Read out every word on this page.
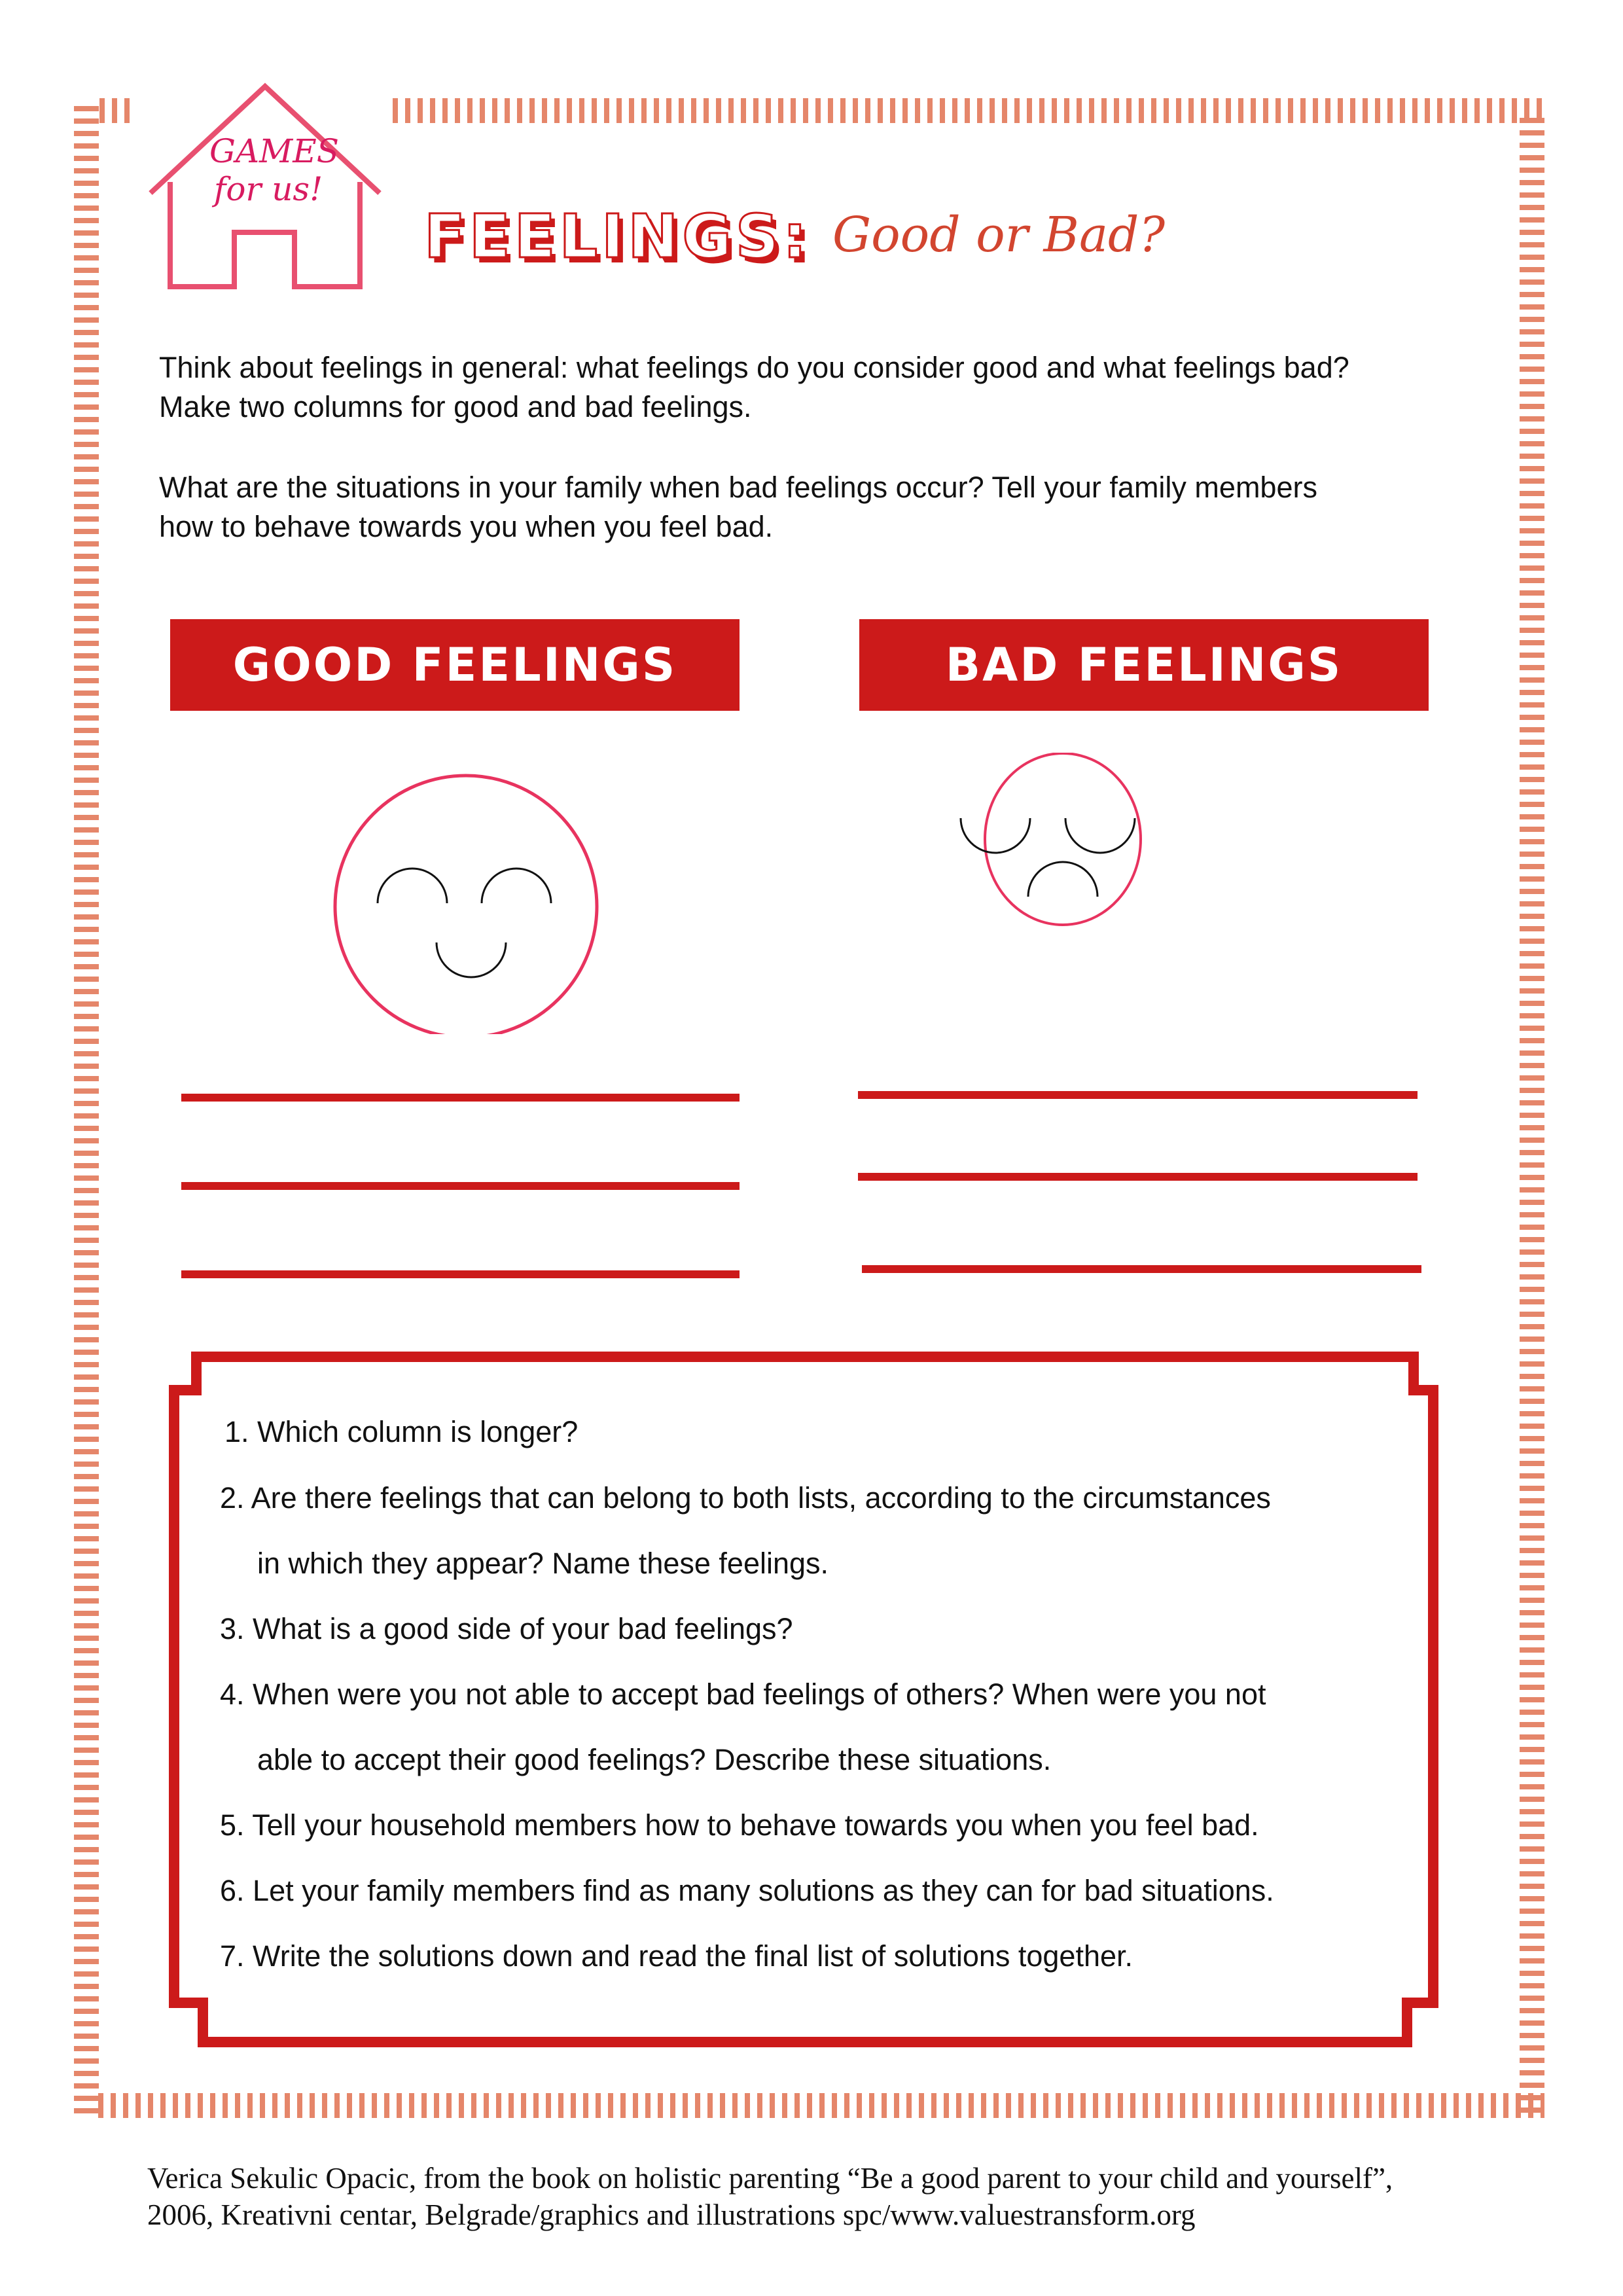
GAMES
for us!
FEELINGS: Good or Bad?
Think about feelings in general: what feelings do you consider good and what feelings bad?
Make two columns for good and bad feelings.
What are the situations in your family when bad feelings occur? Tell your family members
how to behave towards you when you feel bad.
GOOD FEELINGS	BAD FEELINGS
1. Which column is longer?
2. Are there feelings that can belong to both lists, according to the circumstances
in which they appear? Name these feelings.
3. What is a good side of your bad feelings?
4. When were you not able to accept bad feelings of others? When were you not
able to accept their good feelings? Describe these situations.
5. Tell your household members how to behave towards you when you feel bad.
6. Let your family members find as many solutions as they can for bad situations.
7. Write the solutions down and read the final list of solutions together.
Verica Sekulic Opacic, from the book on holistic parenting “Be a good parent to your child and yourself”,
2006, Kreativni centar, Belgrade/graphics and illustrations spc/www.valuestransform.org
